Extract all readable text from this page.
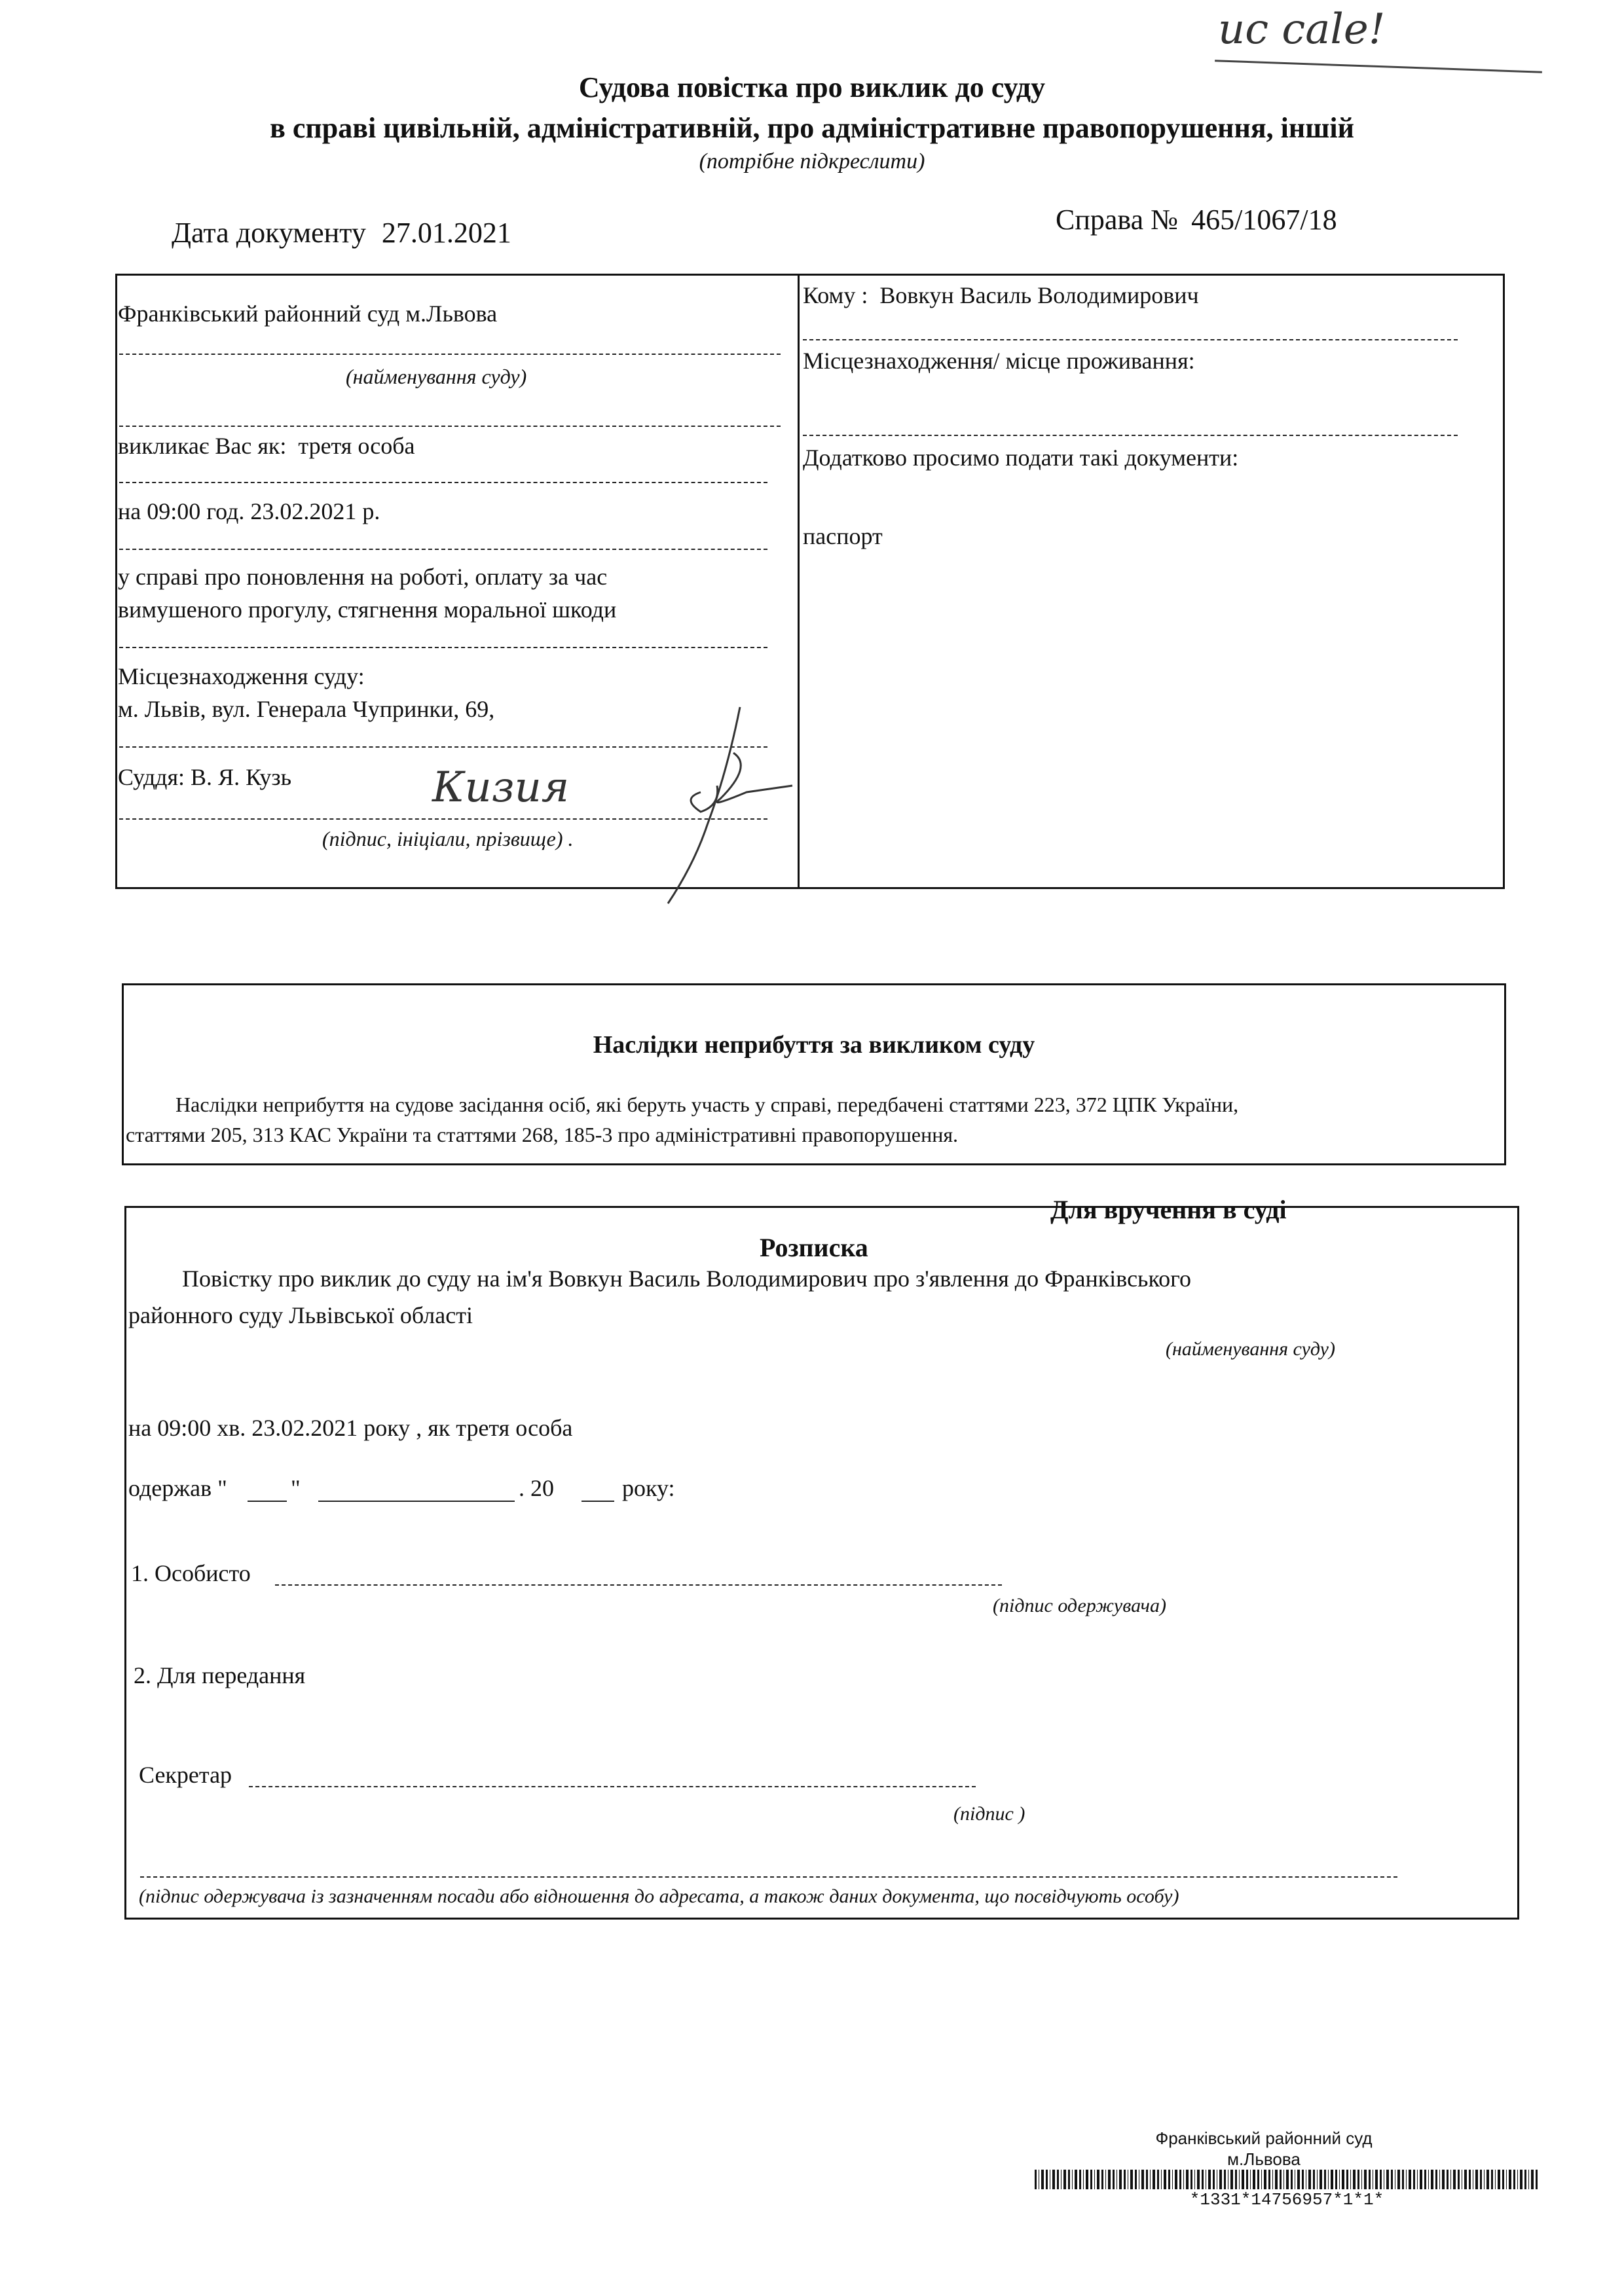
ис cale!
Судова повістка про виклик до суду
в справі цивільній, адміністративній, про адміністративне правопорушення, іншій
(потрібне підкреслити)
Дата документу 27.01.2021	Справа № 465/1067/18
Франківський районний суд м.Львова
(найменування суду)
викликає Вас як: третя особа
на 09:00 год. 23.02.2021 р.
у справі про поновлення на роботі, оплату за час
вимушеного прогулу, стягнення моральної шкоди
Місцезнаходження суду:
м. Львів, вул. Генерала Чупринки, 69,
Суддя: В. Я. Кузь	Кизия
(підпис, ініціали, прізвище) .
Кому : Вовкун Василь Володимирович
Місцезнаходження/ місце проживання:
Додатково просимо подати такі документи:
паспорт
Наслідки неприбуття за викликом суду
Наслідки неприбуття на судове засідання осіб, які беруть участь у справі, передбачені статтями 223, 372 ЦПК України,
статтями 205, 313 КАС України та статтями 268, 185-3 про адміністративні правопорушення.
Для вручення в суді
Розписка
Повістку про виклик до суду на ім'я Вовкун Василь Володимирович про з'явлення до Франківського
районного суду Львівської області
(найменування суду)
на 09:00 хв. 23.02.2021 року , як третя особа
одержав "	"	. 20	року:
1. Особисто
(підпис одержувача)
2. Для передання
Секретар
(підпис )
(підпис одержувача із зазначенням посади або відношення до адресата, а також даних документа, що посвідчують особу)
Франківський районний суд
м.Львова
*1331*14756957*1*1*
